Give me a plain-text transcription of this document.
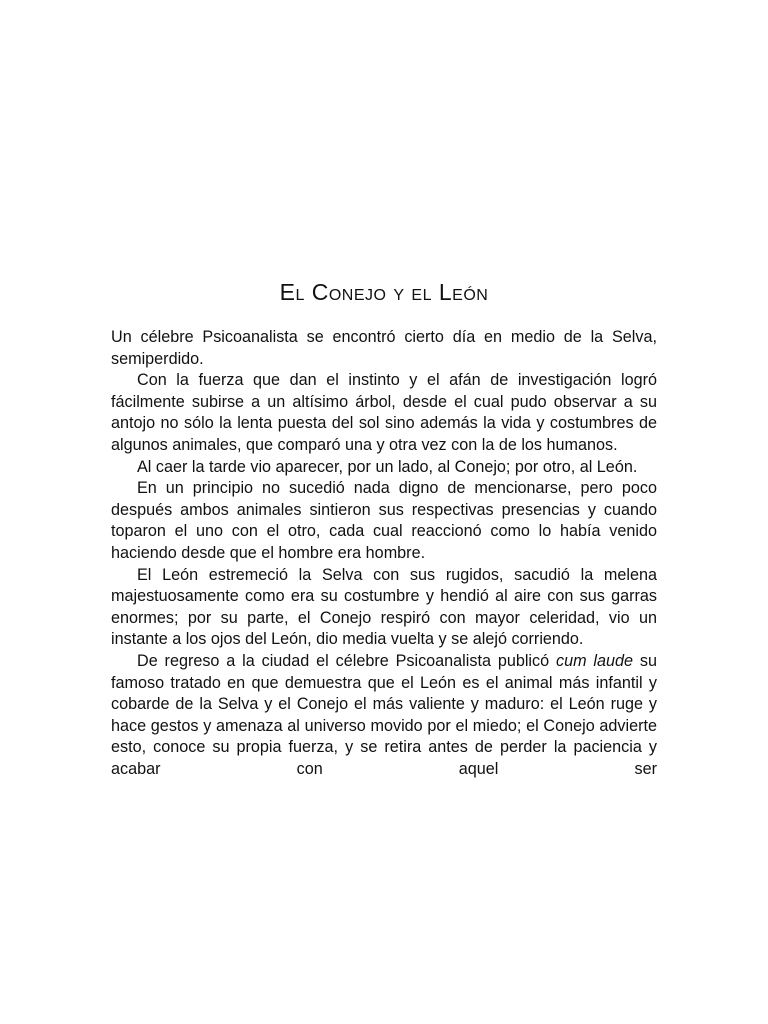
El Conejo y el León

Un célebre Psicoanalista se encontró cierto día en medio de la Selva, semiperdido.

Con la fuerza que dan el instinto y el afán de investigación logró fácilmente subirse a un altísimo árbol, desde el cual pudo observar a su antojo no sólo la lenta puesta del sol sino además la vida y costumbres de algunos animales, que comparó una y otra vez con la de los humanos.

Al caer la tarde vio aparecer, por un lado, al Conejo; por otro, al León.

En un principio no sucedió nada digno de mencionarse, pero poco después ambos animales sintieron sus respectivas presencias y cuando toparon el uno con el otro, cada cual reaccionó como lo había venido haciendo desde que el hombre era hombre.

El León estremeció la Selva con sus rugidos, sacudió la melena majestuosamente como era su costumbre y hendió al aire con sus garras enormes; por su parte, el Conejo respiró con mayor celeridad, vio un instante a los ojos del León, dio media vuelta y se alejó corriendo.

De regreso a la ciudad el célebre Psicoanalista publicó cum laude su famoso tratado en que demuestra que el León es el animal más infantil y cobarde de la Selva y el Conejo el más valiente y maduro: el León ruge y hace gestos y amenaza al universo movido por el miedo; el Conejo advierte esto, conoce su propia fuerza, y se retira antes de perder la paciencia y acabar con aquel ser
